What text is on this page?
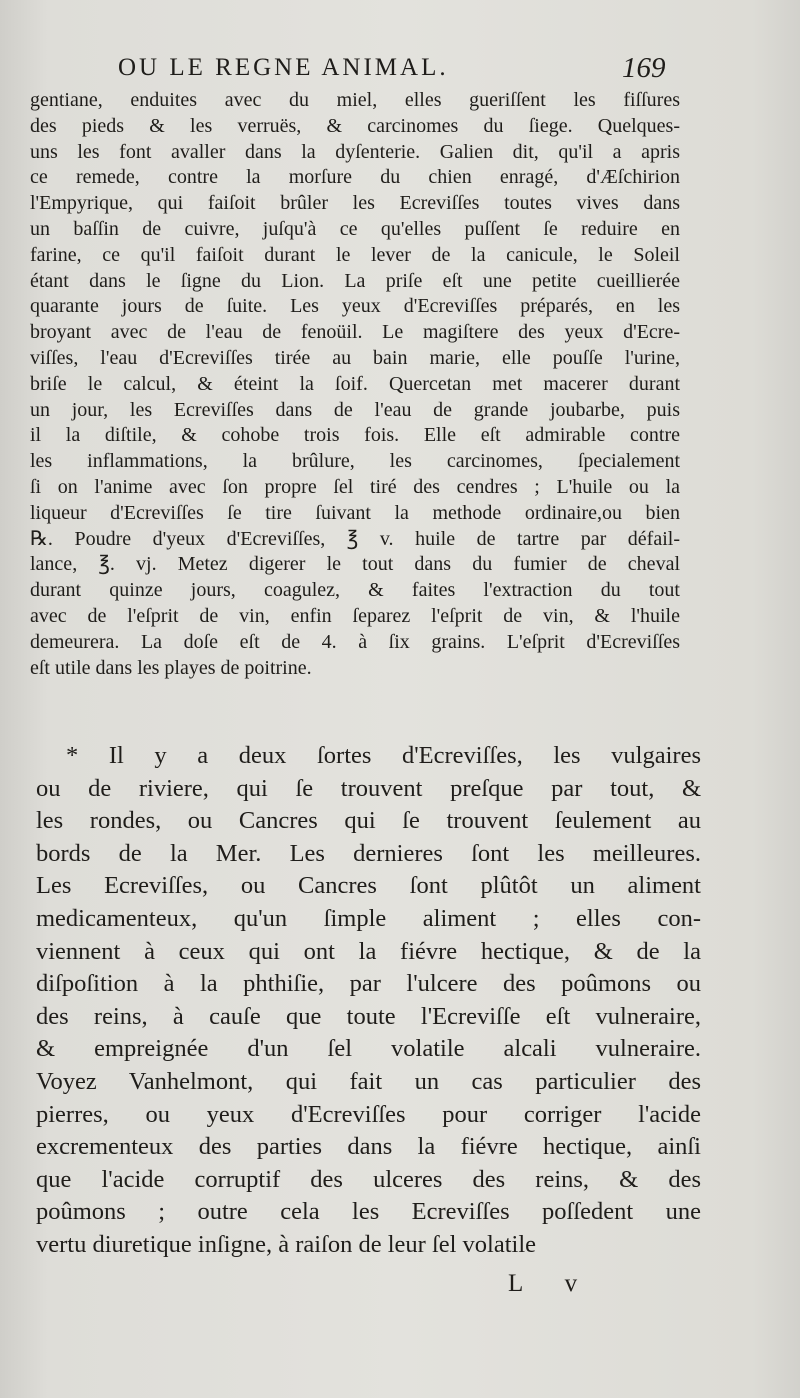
OU LE REGNE ANIMAL.	169
gentiane, enduites avec du miel, elles gueriſſent les fiſſures
des pieds & les verruës, & carcinomes du ſiege. Quelques-
uns les font avaller dans la dyſenterie. Galien dit, qu'il a apris
ce remede, contre la morſure du chien enragé, d'Æſchirion
l'Empyrique, qui faiſoit brûler les Ecreviſſes toutes vives dans
un baſſin de cuivre, juſqu'à ce qu'elles puſſent ſe reduire en
farine, ce qu'il faiſoit durant le lever de la canicule, le Soleil
étant dans le ſigne du Lion. La priſe eſt une petite cueillierée
quarante jours de ſuite. Les yeux d'Ecreviſſes préparés, en les
broyant avec de l'eau de fenoüil. Le magiſtere des yeux d'Ecre-
viſſes, l'eau d'Ecreviſſes tirée au bain marie, elle pouſſe l'urine,
briſe le calcul, & éteint la ſoif. Quercetan met macerer durant
un jour, les Ecreviſſes dans de l'eau de grande joubarbe, puis
il la diſtile, & cohobe trois fois. Elle eſt admirable contre
les inflammations, la brûlure, les carcinomes, ſpecialement
ſi on l'anime avec ſon propre ſel tiré des cendres ; L'huile ou la
liqueur d'Ecreviſſes ſe tire ſuivant la methode ordinaire,ou bien
℞. Poudre d'yeux d'Ecreviſſes, ℥ v. huile de tartre par défail-
lance, ℥. vj. Metez digerer le tout dans du fumier de cheval
durant quinze jours, coagulez, & faites l'extraction du tout
avec de l'eſprit de vin, enfin ſeparez l'eſprit de vin, & l'huile
demeurera. La doſe eſt de 4. à ſix grains. L'eſprit d'Ecreviſſes
eſt utile dans les playes de poitrine.
* Il y a deux ſortes d'Ecreviſſes, les vulgaires
ou de riviere, qui ſe trouvent preſque par tout, &
les rondes, ou Cancres qui ſe trouvent ſeulement au
bords de la Mer. Les dernieres ſont les meilleures.
Les Ecreviſſes, ou Cancres ſont plûtôt un aliment
medicamenteux, qu'un ſimple aliment ; elles con-
viennent à ceux qui ont la fiévre hectique, & de la
diſpoſition à la phthiſie, par l'ulcere des poûmons ou
des reins, à cauſe que toute l'Ecreviſſe eſt vulneraire,
& empreignée d'un ſel volatile alcali vulneraire.
Voyez Vanhelmont, qui fait un cas particulier des
pierres, ou yeux d'Ecreviſſes pour corriger l'acide
excrementeux des parties dans la fiévre hectique, ainſi
que l'acide corruptif des ulceres des reins, & des
poûmons ; outre cela les Ecreviſſes poſſedent une
vertu diuretique inſigne, à raiſon de leur ſel volatile
L v
